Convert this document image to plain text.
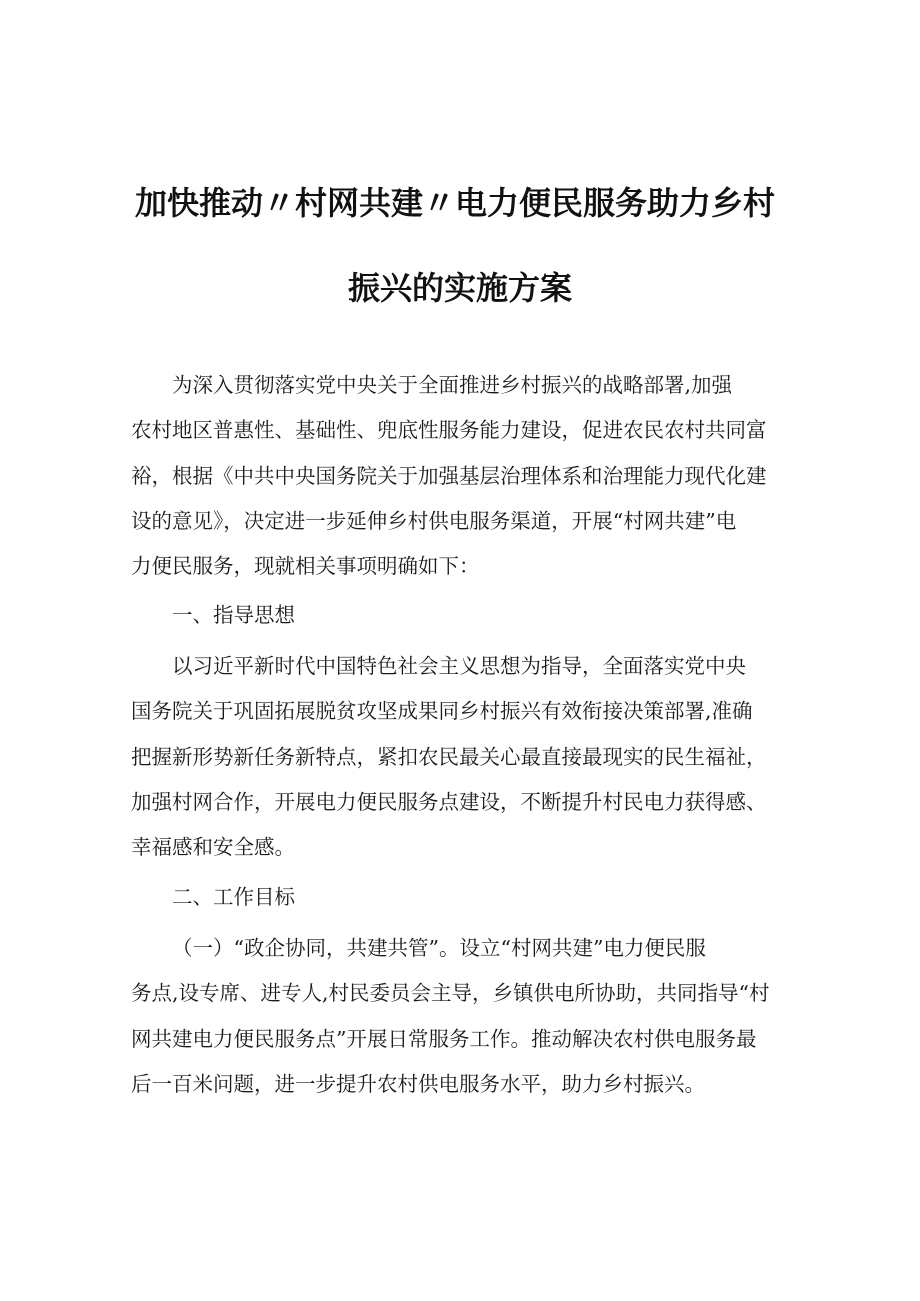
加快推动〃村网共建〃电力便民服务助力乡村
振兴的实施方案
为深入贯彻落实党中央关于全面推进乡村振兴的战略部署,加强
农村地区普惠性、基础性、兜底性服务能力建设，促进农民农村共同富
裕，根据《中共中央国务院关于加强基层治理体系和治理能力现代化建
设的意见》，决定进一步延伸乡村供电服务渠道，开展“村网共建”电
力便民服务，现就相关事项明确如下：
一、指导思想
以习近平新时代中国特色社会主义思想为指导，全面落实党中央
国务院关于巩固拓展脱贫攻坚成果同乡村振兴有效衔接决策部署,准确
把握新形势新任务新特点，紧扣农民最关心最直接最现实的民生福祉，
加强村网合作，开展电力便民服务点建设，不断提升村民电力获得感、
幸福感和安全感。
二、工作目标
（一）“政企协同，共建共管”。设立“村网共建”电力便民服
务点,设专席、进专人,村民委员会主导，乡镇供电所协助，共同指导“村
网共建电力便民服务点”开展日常服务工作。推动解决农村供电服务最
后一百米问题，进一步提升农村供电服务水平，助力乡村振兴。
